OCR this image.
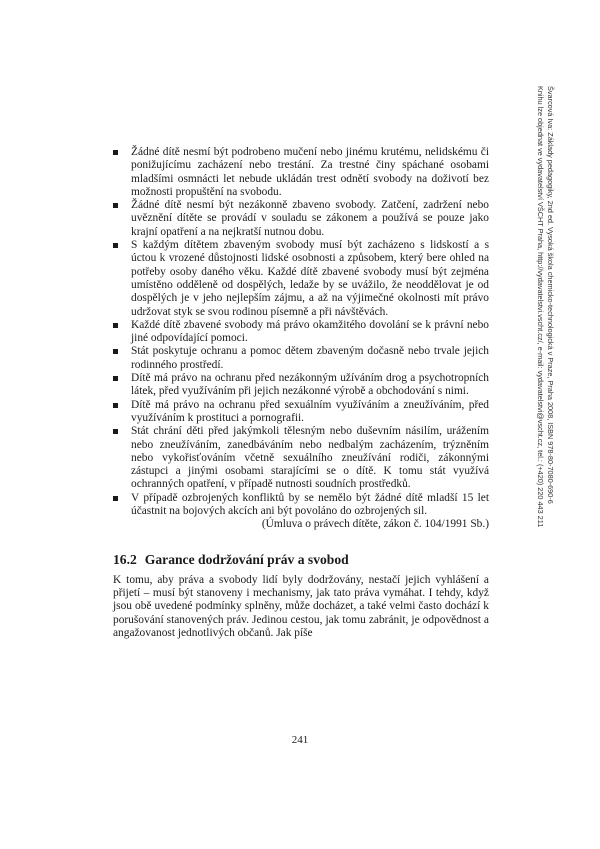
Žádné dítě nesmí být podrobeno mučení nebo jinému krutému, nelidskému či ponižujícímu zacházení nebo trestání. Za trestné činy spáchané osobami mladšími osmnácti let nebude ukládán trest odnětí svobody na doživotí bez možnosti propuštění na svobodu.
Žádné dítě nesmí být nezákonně zbaveno svobody. Zatčení, zadržení nebo uvěznění dítěte se provádí v souladu se zákonem a používá se pouze jako krajní opatření a na nejkratší nutnou dobu.
S každým dítětem zbaveným svobody musí být zacházeno s lidskostí a s úctou k vrozené důstojnosti lidské osobnosti a způsobem, který bere ohled na potřeby osoby daného věku. Každé dítě zbavené svobody musí být zejména umístěno odděleně od dospělých, ledaže by se uvážilo, že neoddělovat je od dospělých je v jeho nejlepším zájmu, a až na výjimečné okolnosti mít právo udržovat styk se svou rodinou písemně a při návštěvách.
Každé dítě zbavené svobody má právo okamžitého dovolání se k právní nebo jiné odpovídající pomoci.
Stát poskytuje ochranu a pomoc dětem zbaveným dočasně nebo trvale jejich rodinného prostředí.
Dítě má právo na ochranu před nezákonným užíváním drog a psychotropních látek, před využíváním při jejich nezákonné výrobě a obchodování s nimi.
Dítě má právo na ochranu před sexuálním využíváním a zneužíváním, před využíváním k prostituci a pornografii.
Stát chrání děti před jakýmkoli tělesným nebo duševním násilím, urážením nebo zneužíváním, zanedbáváním nebo nedbalým zacházením, trýzněním nebo vykořisťováním včetně sexuálního zneužívání rodiči, zákonnými zástupci a jinými osobami starajícími se o dítě. K tomu stát využívá ochranných opatření, v případě nutnosti soudních prostředků.
V případě ozbrojených konfliktů by se nemělo být žádné dítě mladší 15 let účastnit na bojových akcích ani být povoláno do ozbrojených sil.

(Úmluva o právech dítěte, zákon č. 104/1991 Sb.)

16.2 Garance dodržování práv a svobod

K tomu, aby práva a svobody lidí byly dodržovány, nestačí jejich vyhlášení a přijetí – musí být stanoveny i mechanismy, jak tato práva vymáhat. I tehdy, když jsou obě uvedené podmínky splněny, může docházet, a také velmi často dochází k porušování stanovených práv. Jedinou cestou, jak tomu zabránit, je odpovědnost a angažovanost jednotlivých občanů. Jak píše

241
Švarcová Iva: Základy pedagogiky, 2nd ed. Vysoká škola chemicko-technologická v Praze, Praha 2008, ISBN 978-80-7080-690-6
Knihu lze objednat ve vydavatelství VŠCHT Praha, http://vydavatelstvi.vscht.cz/, e-mail: vydavatelstvi@vscht.cz, tel.: (+420) 220 443 211
